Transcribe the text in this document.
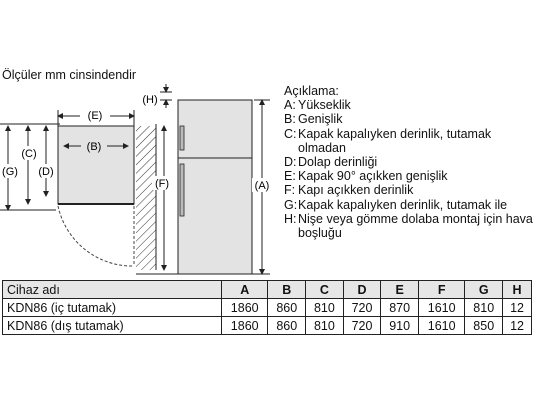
Ölçüler mm cinsindendir
(E)
(B)
(G)
(C)
(D)
(H)
(F)	(A)
Açıklama:
A: Yükseklik
B: Genişlik
C: Kapak kapalıyken derinlik, tutamak olmadan
D: Dolap derinliği
E: Kapak 90° açıkken genişlik
F: Kapı açıkken derinlik
G: Kapak kapalıyken derinlik, tutamak ile
H: Nişe veya gömme dolaba montaj için hava boşluğu
Cihaz adı	A	B	C	D	E	F	G	H
KDN86 (iç tutamak)	1860	860	810	720	870	1610	810	12
KDN86 (dış tutamak)	1860	860	810	720	910	1610	850	12
